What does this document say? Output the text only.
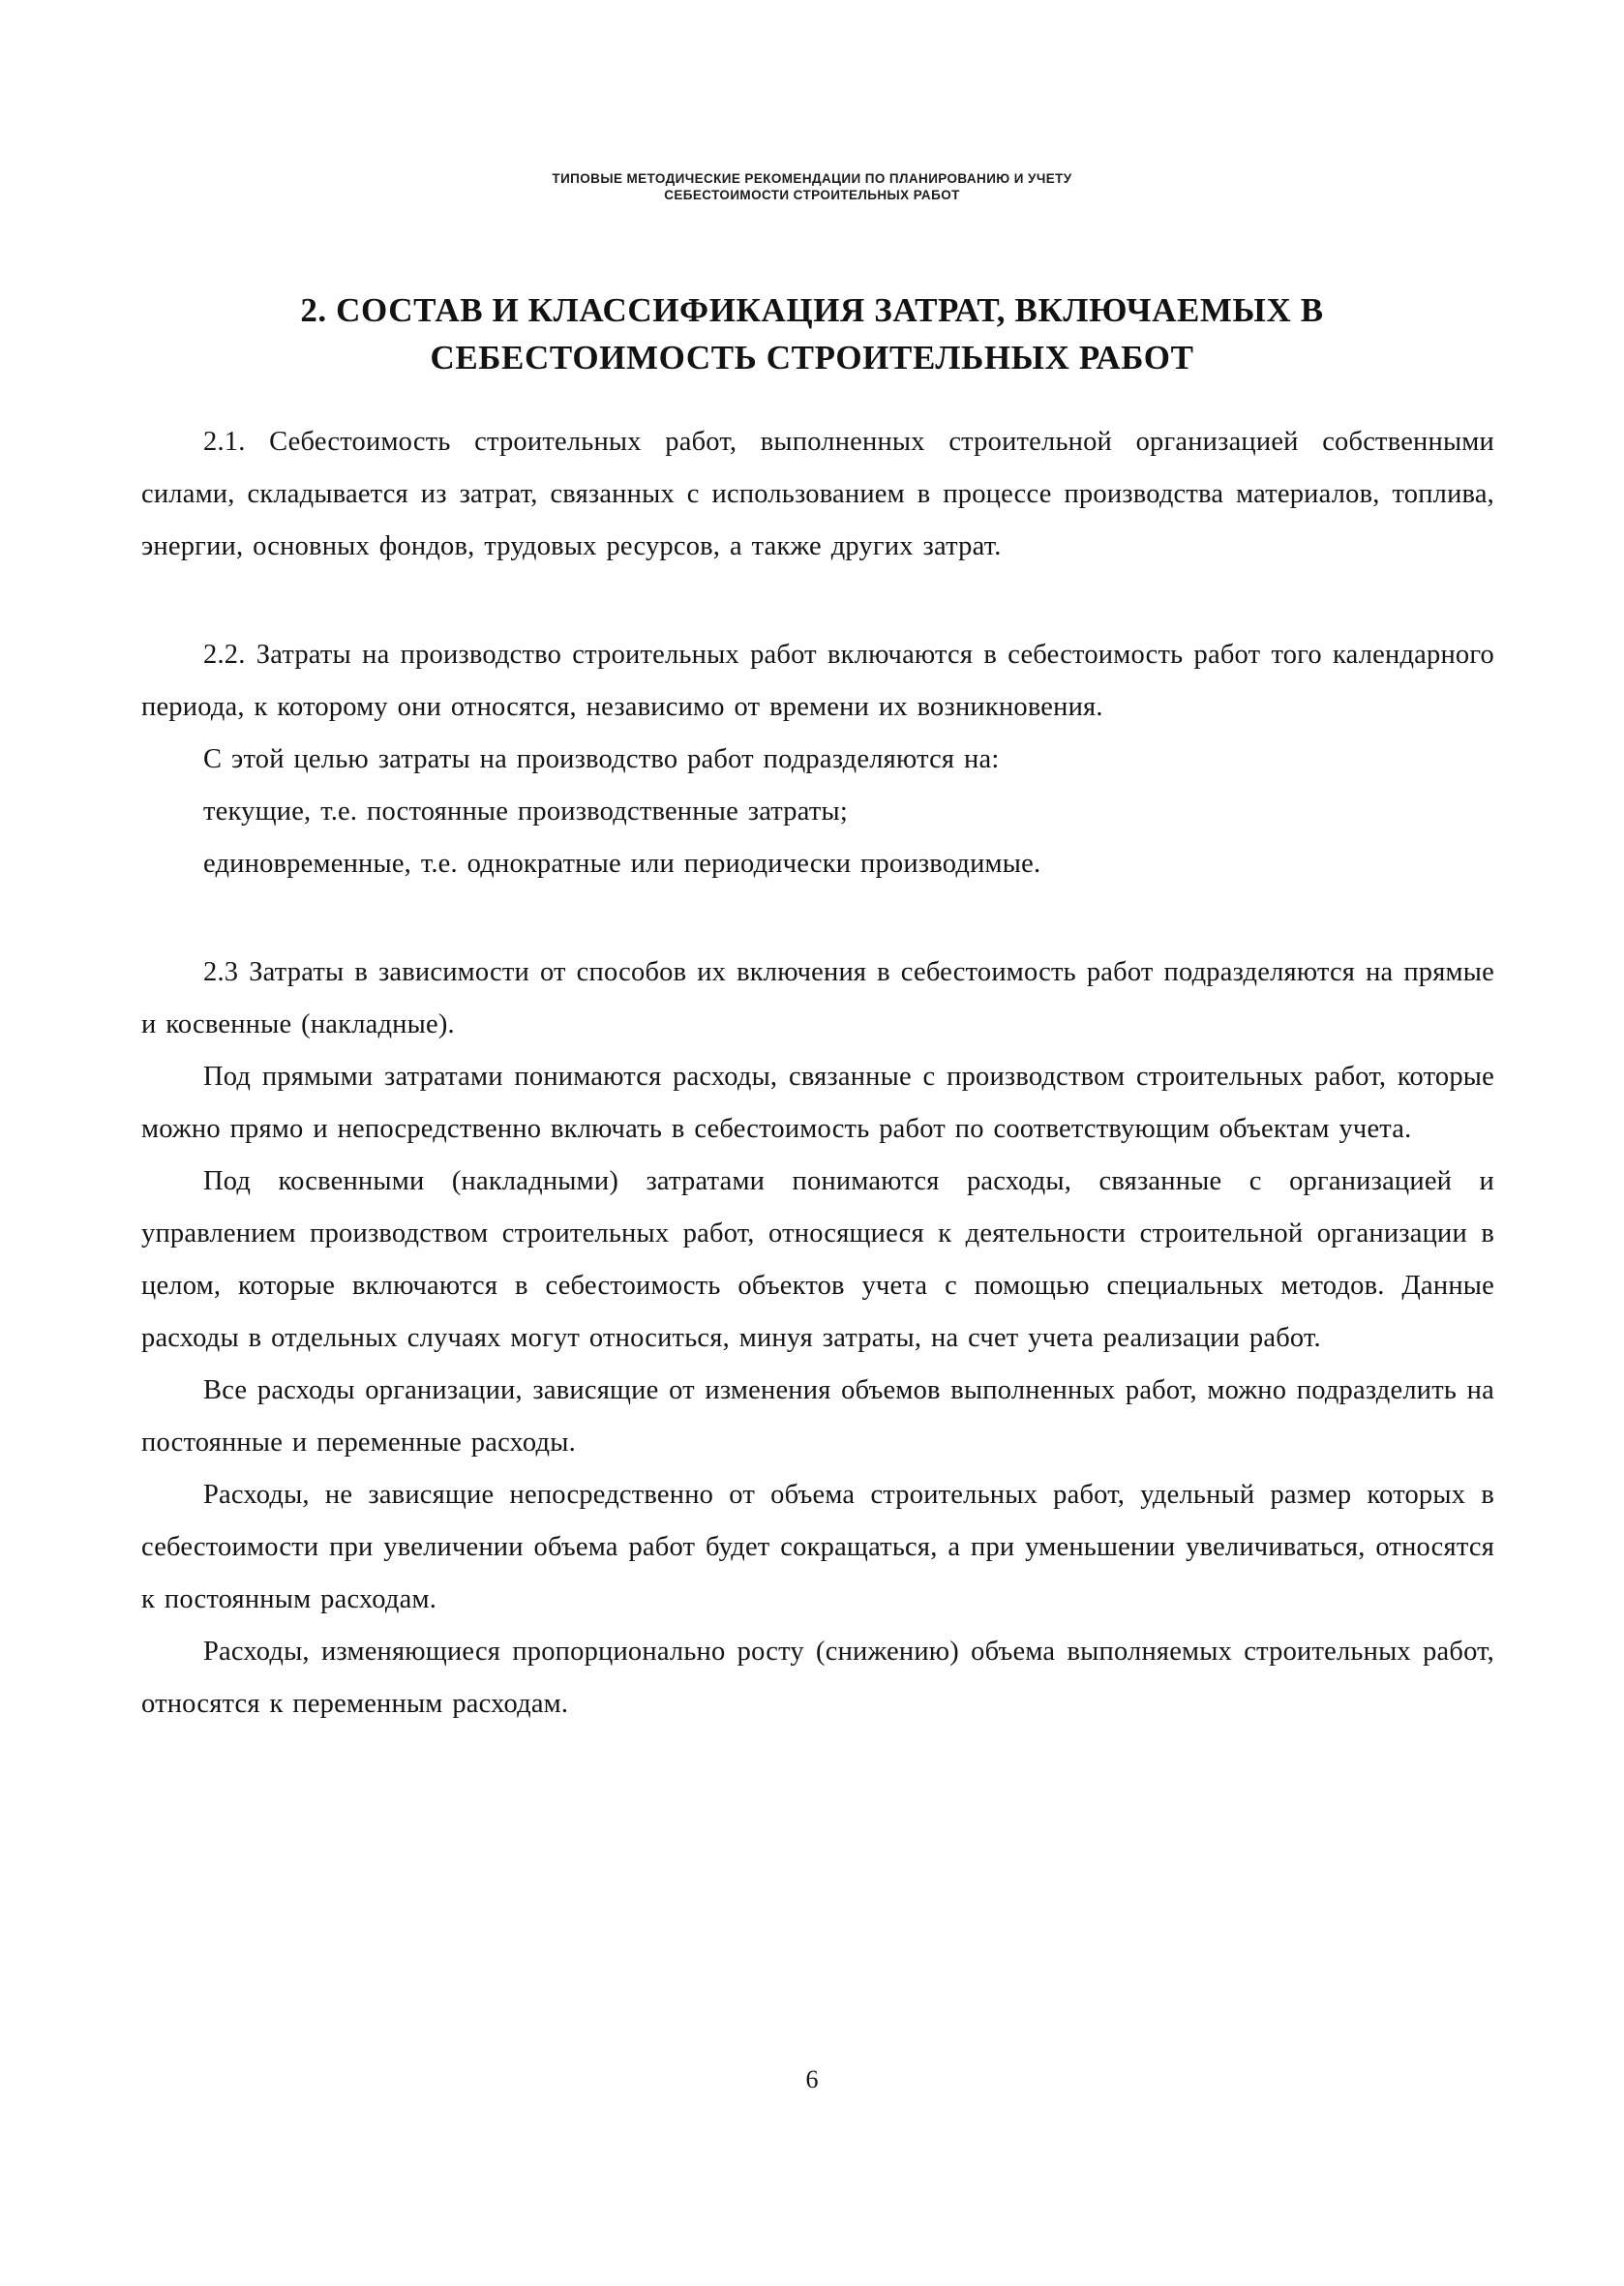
ТИПОВЫЕ МЕТОДИЧЕСКИЕ РЕКОМЕНДАЦИИ ПО ПЛАНИРОВАНИЮ И УЧЕТУ
СЕБЕСТОИМОСТИ СТРОИТЕЛЬНЫХ РАБОТ
2. СОСТАВ И КЛАССИФИКАЦИЯ ЗАТРАТ, ВКЛЮЧАЕМЫХ В
СЕБЕСТОИМОСТЬ СТРОИТЕЛЬНЫХ РАБОТ

2.1. Себестоимость строительных работ, выполненных строительной организацией собственными силами, складывается из затрат, связанных с использованием в процессе производства материалов, топлива, энергии, основных фондов, трудовых ресурсов, а также других затрат.

2.2. Затраты на производство строительных работ включаются в себестоимость работ того календарного периода, к которому они относятся, независимо от времени их возникновения.

С этой целью затраты на производство работ подразделяются на:

текущие, т.е. постоянные производственные затраты;

единовременные, т.е. однократные или периодически производимые.

2.3 Затраты в зависимости от способов их включения в себестоимость работ подразделяются на прямые и косвенные (накладные).

Под прямыми затратами понимаются расходы, связанные с производством строительных работ, которые можно прямо и непосредственно включать в себестоимость работ по соответствующим объектам учета.

Под косвенными (накладными) затратами понимаются расходы, связанные с организацией и управлением производством строительных работ, относящиеся к деятельности строительной организации в целом, которые включаются в себестоимость объектов учета с помощью специальных методов. Данные расходы в отдельных случаях могут относиться, минуя затраты, на счет учета реализации работ.

Все расходы организации, зависящие от изменения объемов выполненных работ, можно подразделить на постоянные и переменные расходы.

Расходы, не зависящие непосредственно от объема строительных работ, удельный размер которых в себестоимости при увеличении объема работ будет сокращаться, а при уменьшении увеличиваться, относятся к постоянным расходам.

Расходы, изменяющиеся пропорционально росту (снижению) объема выполняемых строительных работ, относятся к переменным расходам.

6
